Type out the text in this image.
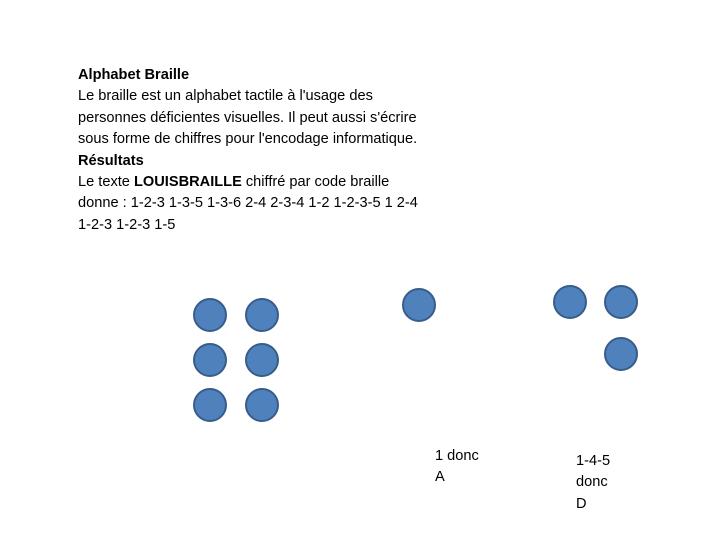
Alphabet Braille

Le braille est un alphabet tactile à l'usage des personnes déficientes visuelles. Il peut aussi s'écrire sous forme de chiffres pour l'encodage informatique.

Résultats

Le texte LOUISBRAILLE chiffré par code braille donne : 1-2-3 1-3-5 1-3-6 2-4 2-3-4 1-2 1-2-3-5 1 2-4 1-2-3 1-2-3 1-5

1 donc
A
1-4-5
donc
D
